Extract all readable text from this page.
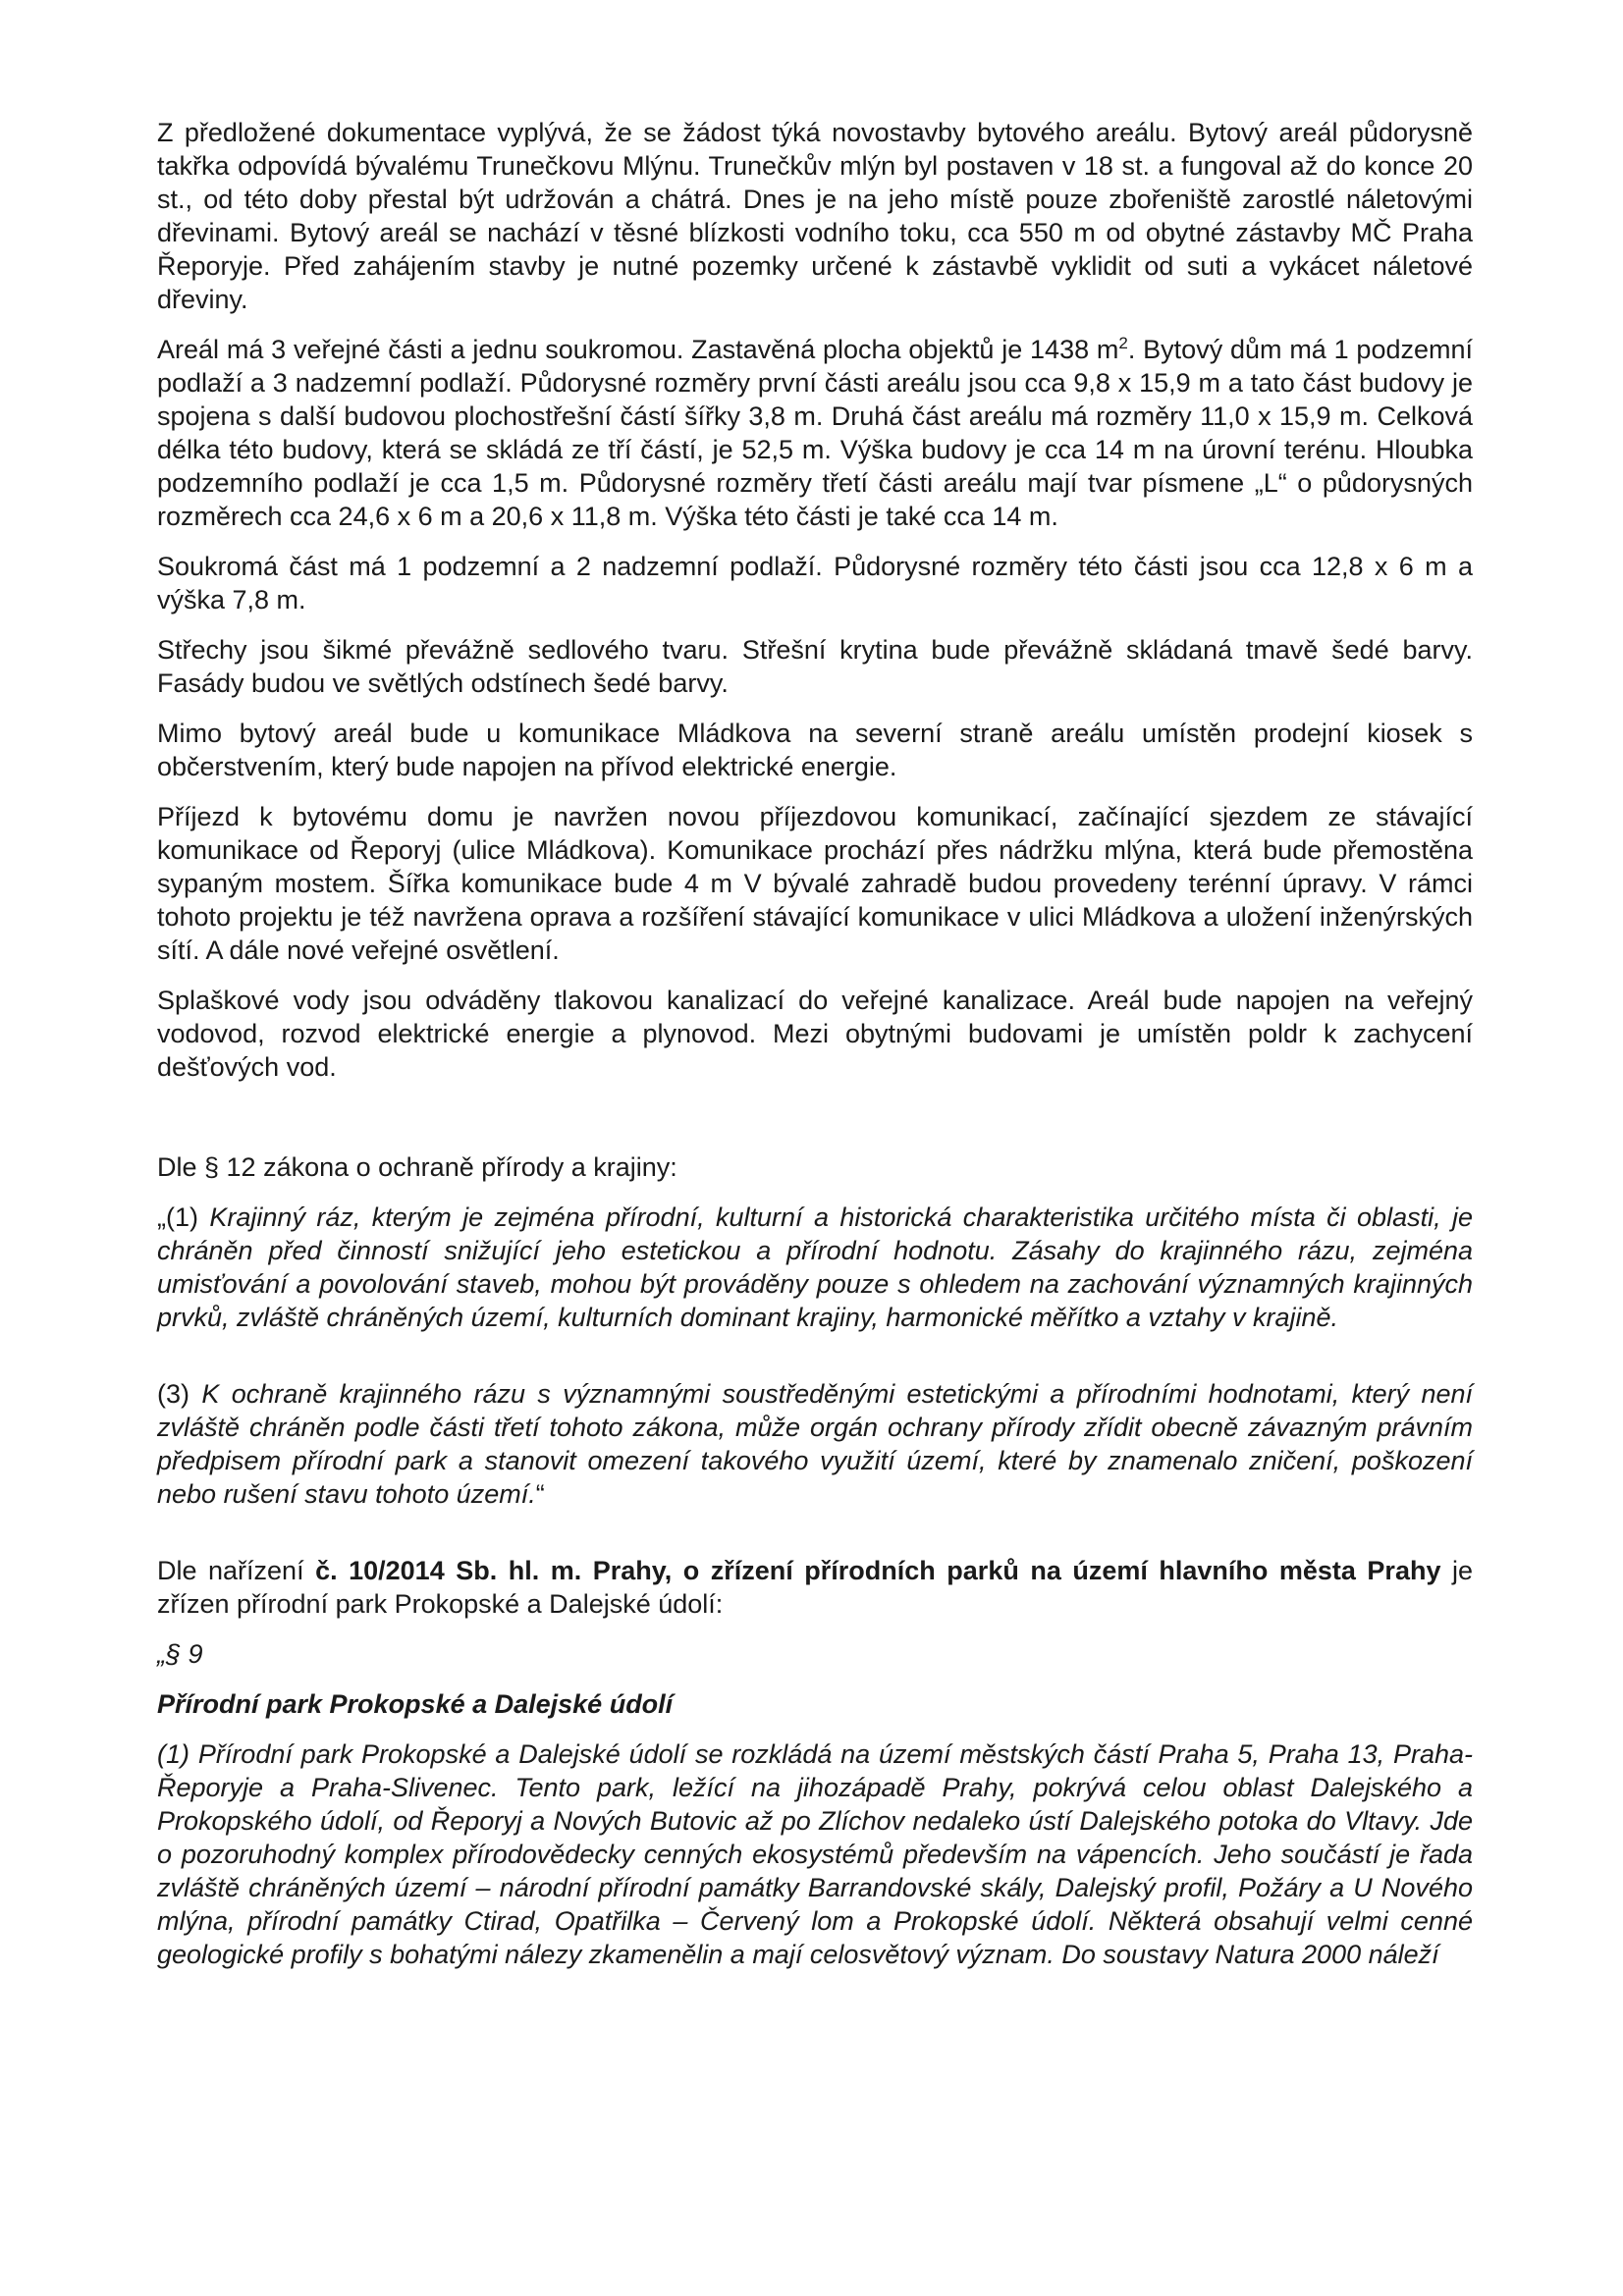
Z předložené dokumentace vyplývá, že se žádost týká novostavby bytového areálu. Bytový areál půdorysně takřka odpovídá bývalému Trunečkovu Mlýnu. Trunečkův mlýn byl postaven v 18 st. a fungoval až do konce 20 st., od této doby přestal být udržován a chátrá. Dnes je na jeho místě pouze zbořeniště zarostlé náletovými dřevinami. Bytový areál se nachází v těsné blízkosti vodního toku, cca 550 m od obytné zástavby MČ Praha Řeporyje. Před zahájením stavby je nutné pozemky určené k zástavbě vyklidit od suti a vykácet náletové dřeviny.

Areál má 3 veřejné části a jednu soukromou. Zastavěná plocha objektů je 1438 $m^2$. Bytový dům má 1 podzemní podlaží a 3 nadzemní podlaží. Půdorysné rozměry první části areálu jsou cca 9,8 x 15,9 m a tato část budovy je spojena s další budovou plochostřešní částí šířky 3,8 m. Druhá část areálu má rozměry 11,0 x 15,9 m. Celková délka této budovy, která se skládá ze tří částí, je 52,5 m. Výška budovy je cca 14 m na úrovní terénu. Hloubka podzemního podlaží je cca 1,5 m. Půdorysné rozměry třetí části areálu mají tvar písmene „L“ o půdorysných rozměrech cca 24,6 x 6 m a 20,6 x 11,8 m. Výška této části je také cca 14 m.

Soukromá část má 1 podzemní a 2 nadzemní podlaží. Půdorysné rozměry této části jsou cca 12,8 x 6 m a výška 7,8 m.

Střechy jsou šikmé převážně sedlového tvaru. Střešní krytina bude převážně skládaná tmavě šedé barvy. Fasády budou ve světlých odstínech šedé barvy.

Mimo bytový areál bude u komunikace Mládkova na severní straně areálu umístěn prodejní kiosek s občerstvením, který bude napojen na přívod elektrické energie.

Příjezd k bytovému domu je navržen novou příjezdovou komunikací, začínající sjezdem ze stávající komunikace od Řeporyj (ulice Mládkova). Komunikace prochází přes nádržku mlýna, která bude přemostěna sypaným mostem. Šířka komunikace bude 4 m V bývalé zahradě budou provedeny terénní úpravy. V rámci tohoto projektu je též navržena oprava a rozšíření stávající komunikace v ulici Mládkova a uložení inženýrských sítí. A dále nové veřejné osvětlení.

Splaškové vody jsou odváděny tlakovou kanalizací do veřejné kanalizace. Areál bude napojen na veřejný vodovod, rozvod elektrické energie a plynovod. Mezi obytnými budovami je umístěn poldr k zachycení dešťových vod.

Dle § 12 zákona o ochraně přírody a krajiny:

„(1) Krajinný ráz, kterým je zejména přírodní, kulturní a historická charakteristika určitého místa či oblasti, je chráněn před činností snižující jeho estetickou a přírodní hodnotu. Zásahy do krajinného rázu, zejména umisťování a povolování staveb, mohou být prováděny pouze s ohledem na zachování významných krajinných prvků, zvláště chráněných území, kulturních dominant krajiny, harmonické měřítko a vztahy v krajině.

(3) K ochraně krajinného rázu s významnými soustředěnými estetickými a přírodními hodnotami, který není zvláště chráněn podle části třetí tohoto zákona, může orgán ochrany přírody zřídit obecně závazným právním předpisem přírodní park a stanovit omezení takového využití území, které by znamenalo zničení, poškození nebo rušení stavu tohoto území.“

Dle nařízení č. 10/2014 Sb. hl. m. Prahy, o zřízení přírodních parků na území hlavního města Prahy je zřízen přírodní park Prokopské a Dalejské údolí:

„§ 9

Přírodní park Prokopské a Dalejské údolí

(1) Přírodní park Prokopské a Dalejské údolí se rozkládá na území městských částí Praha 5, Praha 13, Praha-Řeporyje a Praha-Slivenec. Tento park, ležící na jihozápadě Prahy, pokrývá celou oblast Dalejského a Prokopského údolí, od Řeporyj a Nových Butovic až po Zlíchov nedaleko ústí Dalejského potoka do Vltavy. Jde o pozoruhodný komplex přírodovědecky cenných ekosystémů především na vápencích. Jeho součástí je řada zvláště chráněných území – národní přírodní památky Barrandovské skály, Dalejský profil, Požáry a U Nového mlýna, přírodní památky Ctirad, Opatřilka – Červený lom a Prokopské údolí. Některá obsahují velmi cenné geologické profily s bohatými nálezy zkamenělin a mají celosvětový význam. Do soustavy Natura 2000 náleží
